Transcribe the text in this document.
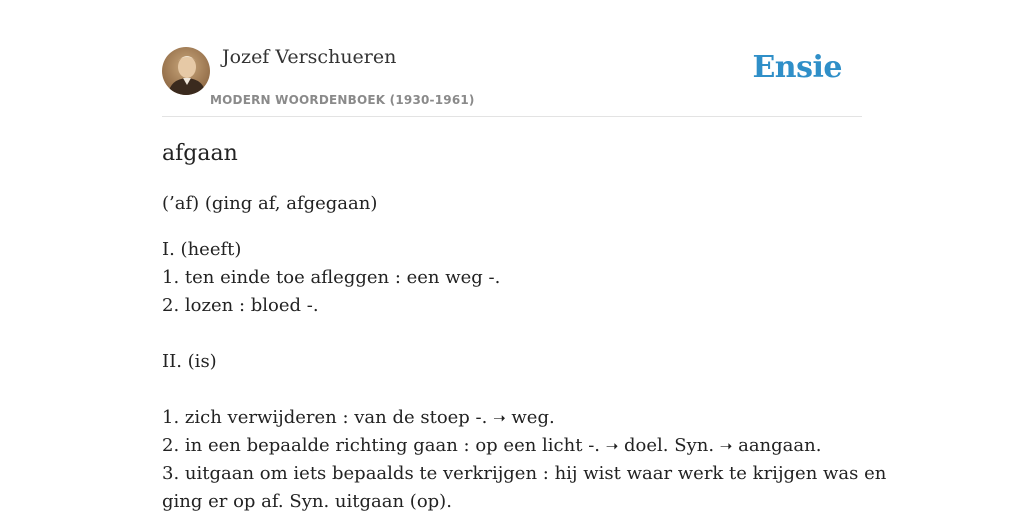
Jozef Verschueren
MODERN WOORDENBOEK (1930-1961)
Ensie
afgaan
(’af) (ging af, afgegaan)
I. (heeft)
1. ten einde toe afleggen : een weg -.
2. lozen : bloed -.
II. (is)
1. zich verwijderen : van de stoep -. ➝ weg.
2. in een bepaalde richting gaan : op een licht -. ➝ doel. Syn. ➝ aangaan.
3. uitgaan om iets bepaalds te verkrijgen : hij wist waar werk te krijgen was en
ging er op af. Syn. uitgaan (op).
